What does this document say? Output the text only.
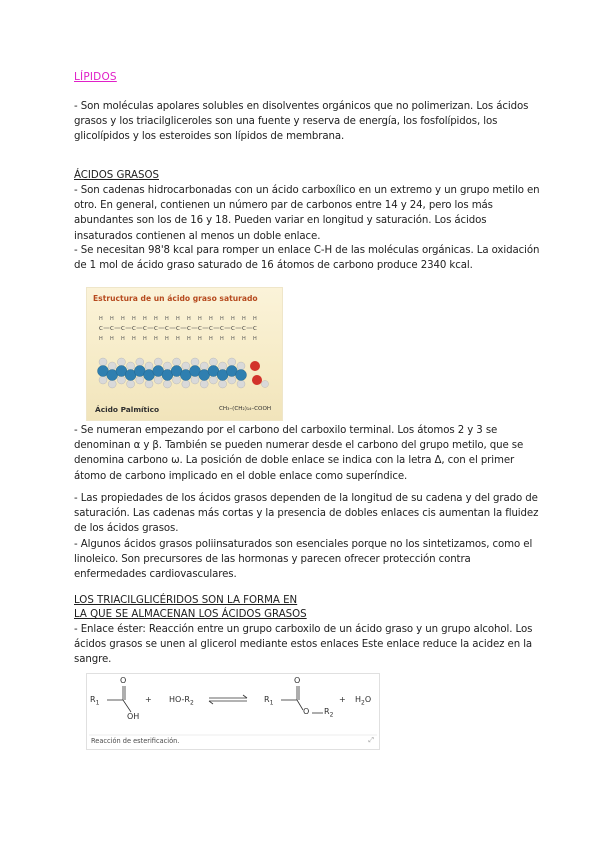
LÍPIDOS

- Son moléculas apolares solubles en disolventes orgánicos que no polimerizan. Los ácidos grasos y los triacilgliceroles son una fuente y reserva de energía, los fosfolípidos, los glicolípidos y los esteroides son lípidos de membrana.

ÁCIDOS GRASOS

- Son cadenas hidrocarbonadas con un ácido carboxílico en un extremo y un grupo metilo en otro. En general, contienen un número par de carbonos entre 14 y 24, pero los más abundantes son los de 16 y 18. Pueden variar en longitud y saturación. Los ácidos insaturados contienen al menos un doble enlace.

- Se necesitan 98'8 kcal para romper un enlace C-H de las moléculas orgánicas. La oxidación de 1 mol de ácido graso saturado de 16 átomos de carbono produce 2340 kcal.

Estructura de un ácido graso saturado
C
H
H
C
H
H
C
H
H
C
H
H
C
H
H
C
H
H
C
H
H
C
H
H
C
H
H
C
H
H
C
H
H
C
H
H
C
H
H
C
H
H
C
H
H
Ácido Palmítico	CH₃–(CH₂)₁₄–COOH

- Se numeran empezando por el carbono del carboxilo terminal. Los átomos 2 y 3 se denominan α y β. También se pueden numerar desde el carbono del grupo metilo, que se denomina carbono ω. La posición de doble enlace se indica con la letra Δ, con el primer átomo de carbono implicado en el doble enlace como superíndice.

- Las propiedades de los ácidos grasos dependen de la longitud de su cadena y del grado de saturación. Las cadenas más cortas y la presencia de dobles enlaces cis aumentan la fluidez de los ácidos grasos.

- Algunos ácidos grasos poliinsaturados son esenciales porque no los sintetizamos, como el linoleico. Son precursores de las hormonas y parecen ofrecer protección contra enfermedades cardiovasculares.

LOS TRIACILGLICÉRIDOS SON LA FORMA EN
LA QUE SE ALMACENAN LOS ÁCIDOS GRASOS

- Enlace éster: Reacción entre un grupo carboxilo de un ácido graso y un grupo alcohol. Los ácidos grasos se unen al glicerol mediante estos enlaces Este enlace reduce la acidez en la sangre.

$R_1$
O
OH
+ $HO-R_2$	$R_1$
O
O $R_2$
+ $H_2O$
Reacción de esterificación.	⤢
